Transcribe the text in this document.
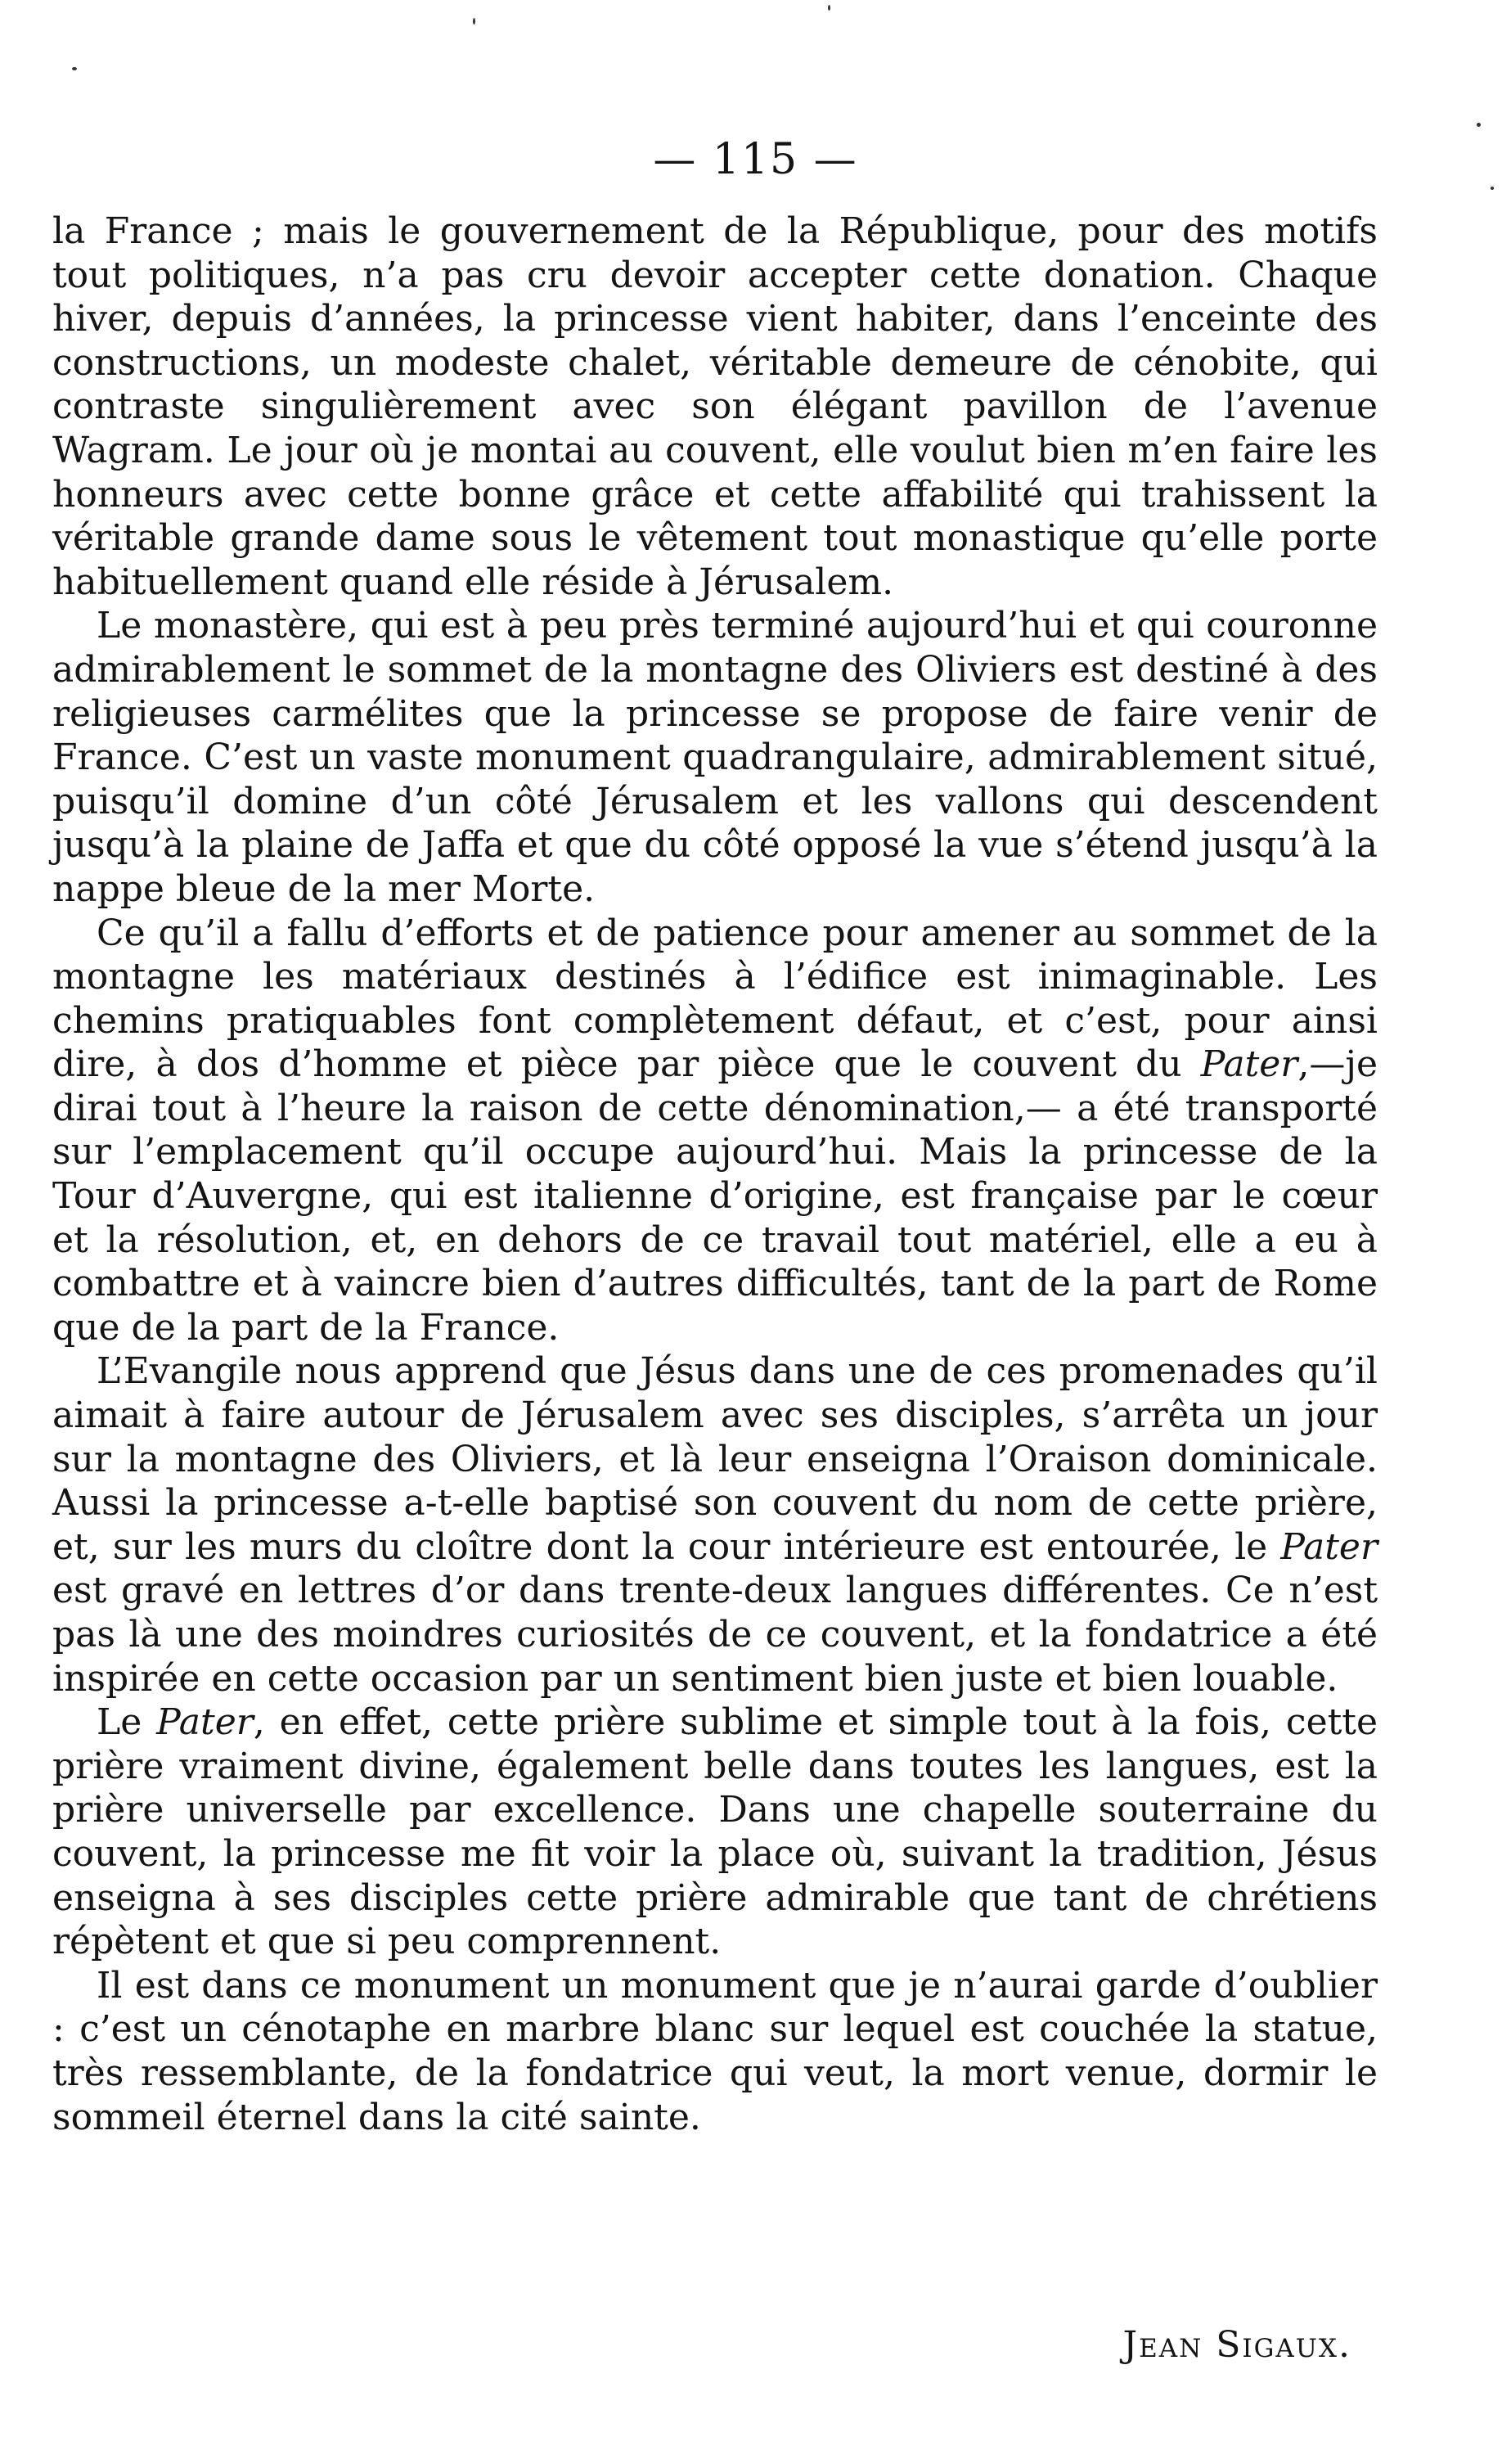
— 115 —

la France ; mais le gouvernement de la République, pour des motifs tout politiques, n’a pas cru devoir accepter cette donation. Chaque hiver, depuis d’années, la princesse vient habiter, dans l’enceinte des constructions, un modeste chalet, véritable demeure de cénobite, qui contraste singulièrement avec son élégant pavillon de l’avenue Wagram. Le jour où je montai au couvent, elle voulut bien m’en faire les honneurs avec cette bonne grâce et cette affabilité qui trahissent la véritable grande dame sous le vêtement tout monastique qu’elle porte habituellement quand elle réside à Jérusalem.

Le monastère, qui est à peu près terminé aujourd’hui et qui couronne admirablement le sommet de la montagne des Oliviers est destiné à des religieuses carmélites que la princesse se propose de faire venir de France. C’est un vaste monument quadrangulaire, admirablement situé, puisqu’il domine d’un côté Jérusalem et les vallons qui descendent jusqu’à la plaine de Jaffa et que du côté opposé la vue s’étend jusqu’à la nappe bleue de la mer Morte.

Ce qu’il a fallu d’efforts et de patience pour amener au sommet de la montagne les matériaux destinés à l’édifice est inimaginable. Les chemins pratiquables font complètement défaut, et c’est, pour ainsi dire, à dos d’homme et pièce par pièce que le couvent du Pater,—je dirai tout à l’heure la raison de cette dénomination,— a été transporté sur l’emplacement qu’il occupe aujourd’hui. Mais la princesse de la Tour d’Auvergne, qui est italienne d’origine, est française par le cœur et la résolution, et, en dehors de ce travail tout matériel, elle a eu à combattre et à vaincre bien d’autres difficultés, tant de la part de Rome que de la part de la France.

L’Evangile nous apprend que Jésus dans une de ces promenades qu’il aimait à faire autour de Jérusalem avec ses disciples, s’arrêta un jour sur la montagne des Oliviers, et là leur enseigna l’Oraison dominicale. Aussi la princesse a-t-elle baptisé son couvent du nom de cette prière, et, sur les murs du cloître dont la cour intérieure est entourée, le Pater est gravé en lettres d’or dans trente-deux langues différentes. Ce n’est pas là une des moindres curiosités de ce couvent, et la fondatrice a été inspirée en cette occasion par un sentiment bien juste et bien louable.

Le Pater, en effet, cette prière sublime et simple tout à la fois, cette prière vraiment divine, également belle dans toutes les langues, est la prière universelle par excellence. Dans une chapelle souterraine du couvent, la princesse me fit voir la place où, suivant la tradition, Jésus enseigna à ses disciples cette prière admirable que tant de chrétiens répètent et que si peu comprennent.

Il est dans ce monument un monument que je n’aurai garde d’oublier : c’est un cénotaphe en marbre blanc sur lequel est couchée la statue, très ressemblante, de la fondatrice qui veut, la mort venue, dormir le sommeil éternel dans la cité sainte.

Jean Sigaux.
